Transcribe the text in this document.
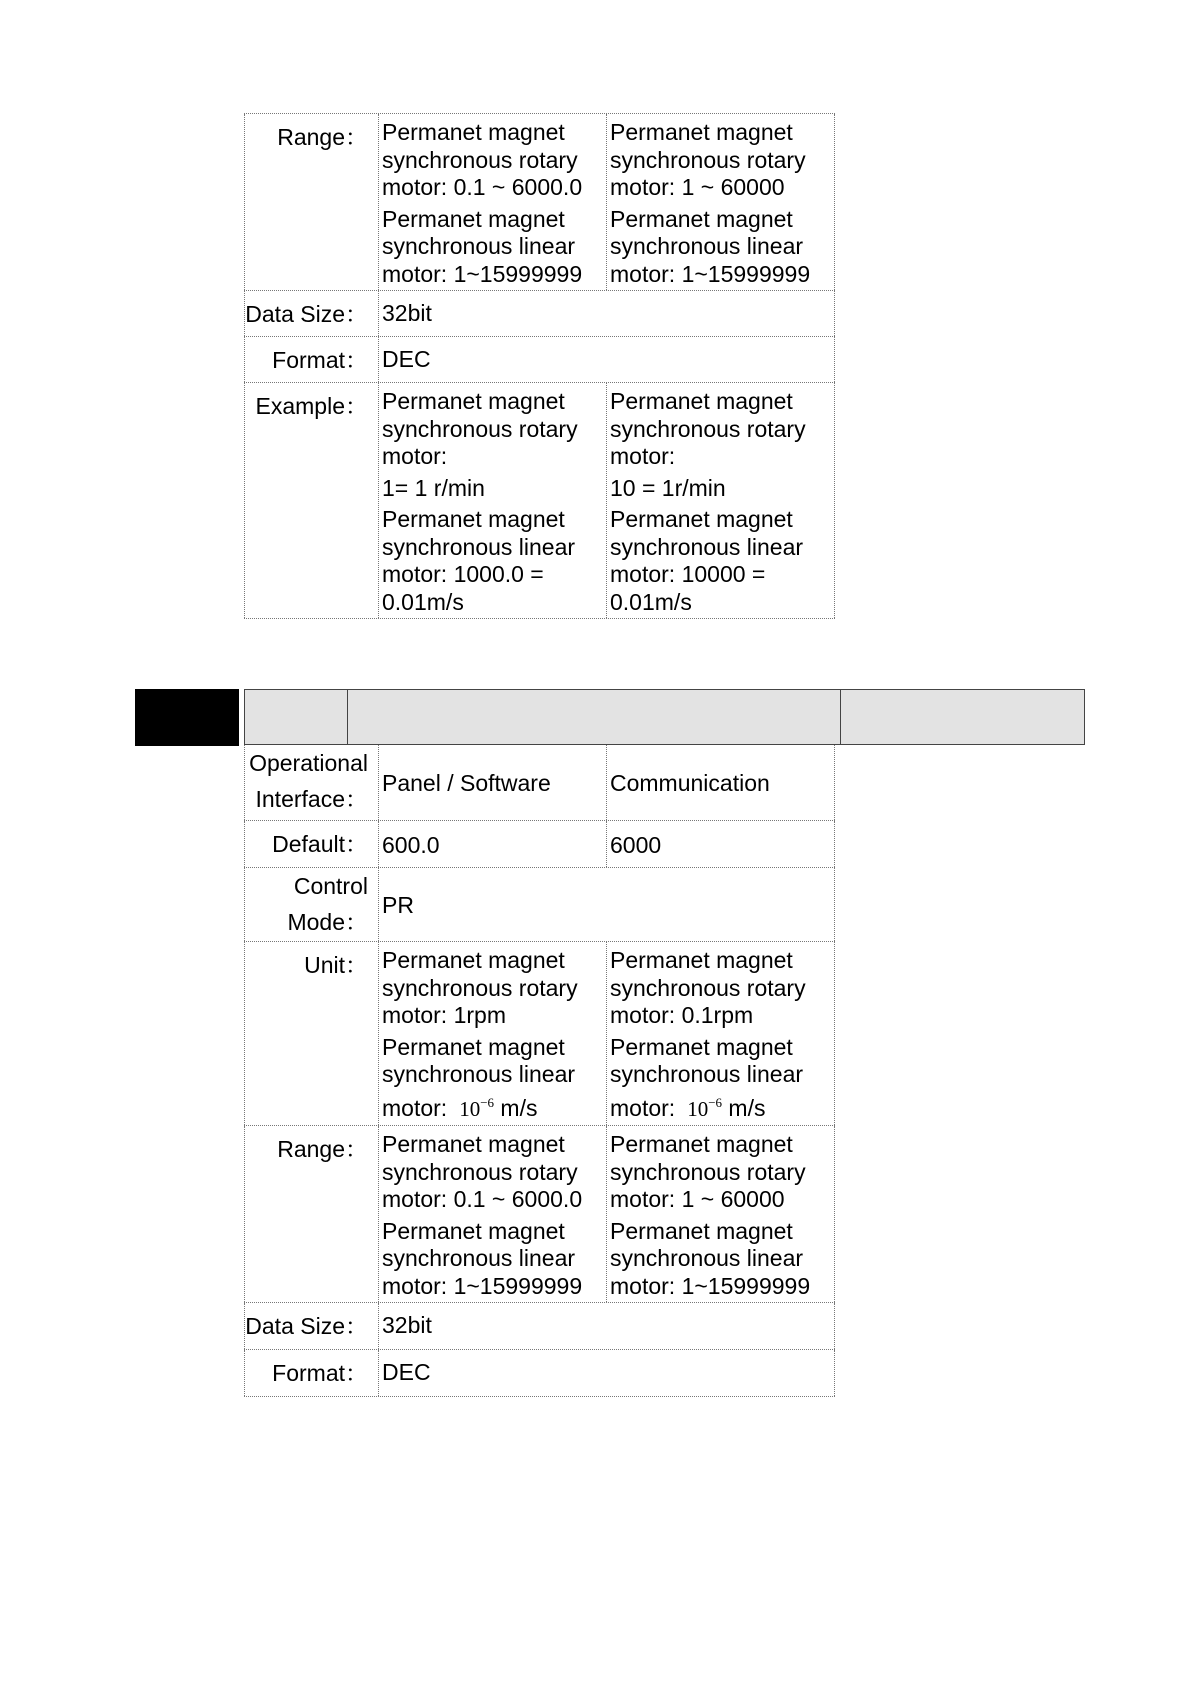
Range： Permanet magnet synchronous rotary motor: 0.1 ~ 6000.0
Permanet magnet synchronous linear motor: 1~15999999
Permanet magnet synchronous rotary motor: 1 ~ 60000
Permanet magnet synchronous linear motor: 1~15999999
Data Size： 32bit
Format： DEC
Example： Permanet magnet synchronous rotary motor:
1= 1 r/min
Permanet magnet synchronous linear motor: 1000.0 = 0.01m/s
Permanet magnet synchronous rotary motor:
10 = 1r/min
Permanet magnet synchronous linear motor: 10000 = 0.01m/s
Operational
Interface：
Panel / Software	Communication
Default： 600.0	6000
Control
Mode：
PR
Unit： Permanet magnet synchronous rotary motor: 1rpm
Permanet magnet synchronous linear motor: $10^{-6}$ m/s
Permanet magnet synchronous rotary motor: 0.1rpm
Permanet magnet synchronous linear motor: $10^{-6}$ m/s
Range： Permanet magnet synchronous rotary motor: 0.1 ~ 6000.0
Permanet magnet synchronous linear motor: 1~15999999
Permanet magnet synchronous rotary motor: 1 ~ 60000
Permanet magnet synchronous linear motor: 1~15999999
Data Size： 32bit
Format： DEC
